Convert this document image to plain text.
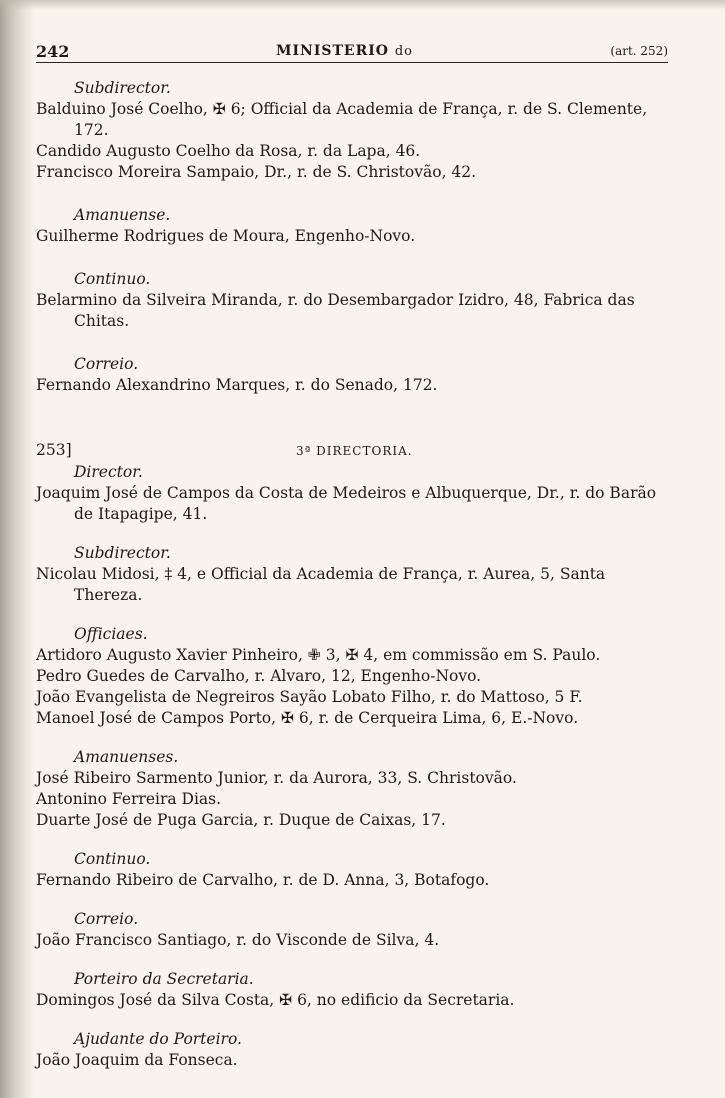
242	MINISTERIO do	(art. 252)
Subdirector.
Balduino José Coelho, ✠ 6; Official da Academia de França, r. de S. Clemente, 172.
Candido Augusto Coelho da Rosa, r. da Lapa, 46.
Francisco Moreira Sampaio, Dr., r. de S. Christovão, 42.
Amanuense.
Guilherme Rodrigues de Moura, Engenho-Novo.
Continuo.
Belarmino da Silveira Miranda, r. do Desembargador Izidro, 48, Fabrica das Chitas.
Correio.
Fernando Alexandrino Marques, r. do Senado, 172.
253]	3ª DIRECTORIA.
Director.
Joaquim José de Campos da Costa de Medeiros e Albuquerque, Dr., r. do Barão de Itapagipe, 41.
Subdirector.
Nicolau Midosi, ‡ 4, e Official da Academia de França, r. Aurea, 5, Santa Thereza.
Officiaes.
Artidoro Augusto Xavier Pinheiro, ✙ 3, ✠ 4, em commissão em S. Paulo.
Pedro Guedes de Carvalho, r. Alvaro, 12, Engenho-Novo.
João Evangelista de Negreiros Sayão Lobato Filho, r. do Mattoso, 5 F.
Manoel José de Campos Porto, ✠ 6, r. de Cerqueira Lima, 6, E.-Novo.
Amanuenses.
José Ribeiro Sarmento Junior, r. da Aurora, 33, S. Christovão.
Antonino Ferreira Dias.
Duarte José de Puga Garcia, r. Duque de Caixas, 17.
Continuo.
Fernando Ribeiro de Carvalho, r. de D. Anna, 3, Botafogo.
Correio.
João Francisco Santiago, r. do Visconde de Silva, 4.
Porteiro da Secretaria.
Domingos José da Silva Costa, ✠ 6, no edificio da Secretaria.
Ajudante do Porteiro.
João Joaquim da Fonseca.
